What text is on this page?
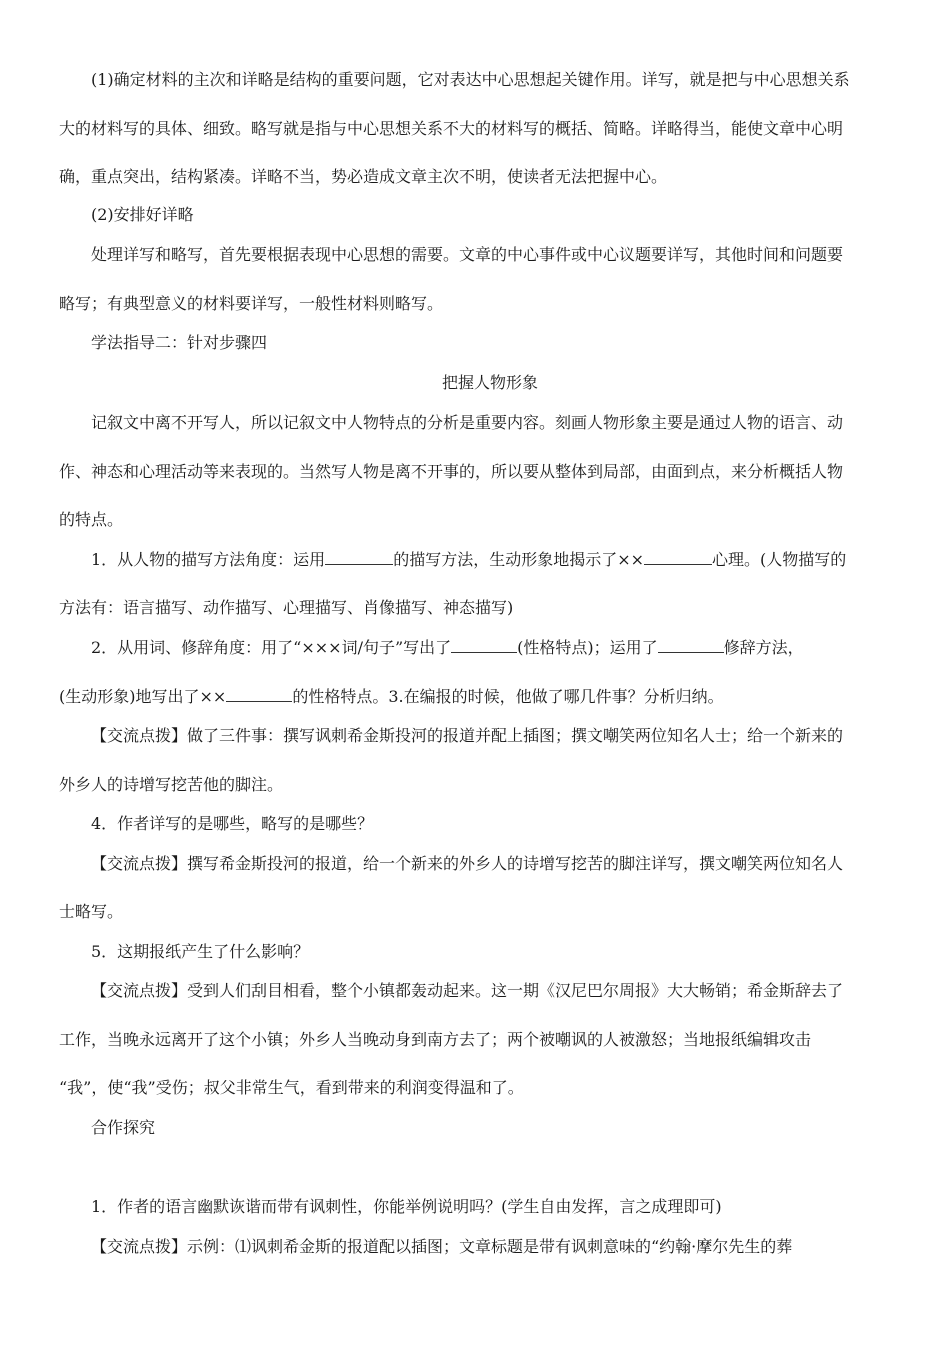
(1)确定材料的主次和详略是结构的重要问题，它对表达中心思想起关键作用。详写，就是把与中心思想关系
大的材料写的具体、细致。略写就是指与中心思想关系不大的材料写的概括、简略。详略得当，能使文章中心明
确，重点突出，结构紧凑。详略不当，势必造成文章主次不明，使读者无法把握中心。
(2)安排好详略
处理详写和略写，首先要根据表现中心思想的需要。文章的中心事件或中心议题要详写，其他时间和问题要
略写；有典型意义的材料要详写，一般性材料则略写。
学法指导二：针对步骤四
把握人物形象
记叙文中离不开写人，所以记叙文中人物特点的分析是重要内容。刻画人物形象主要是通过人物的语言、动
作、神态和心理活动等来表现的。当然写人物是离不开事的，所以要从整体到局部，由面到点，来分析概括人物
的特点。
1．从人物的描写方法角度：运用	的描写方法，生动形象地揭示了××	心理。(人物描写的
方法有：语言描写、动作描写、心理描写、肖像描写、神态描写)
2．从用词、修辞角度：用了“×××词/句子”写出了	(性格特点)；运用了	修辞方法，
(生动形象)地写出了××	的性格特点。3.在编报的时候，他做了哪几件事？分析归纳。
【交流点拨】做了三件事：撰写讽刺希金斯投河的报道并配上插图；撰文嘲笑两位知名人士；给一个新来的
外乡人的诗增写挖苦他的脚注。
4．作者详写的是哪些，略写的是哪些？
【交流点拨】撰写希金斯投河的报道，给一个新来的外乡人的诗增写挖苦的脚注详写，撰文嘲笑两位知名人
士略写。
5．这期报纸产生了什么影响？
【交流点拨】受到人们刮目相看，整个小镇都轰动起来。这一期《汉尼巴尔周报》大大畅销；希金斯辞去了
工作，当晚永远离开了这个小镇；外乡人当晚动身到南方去了；两个被嘲讽的人被激怒；当地报纸编辑攻击
“我”，使“我”受伤；叔父非常生气，看到带来的利润变得温和了。
合作探究
1．作者的语言幽默诙谐而带有讽刺性，你能举例说明吗？(学生自由发挥，言之成理即可)
【交流点拨】示例：⑴讽刺希金斯的报道配以插图；文章标题是带有讽刺意味的“约翰·摩尔先生的葬
